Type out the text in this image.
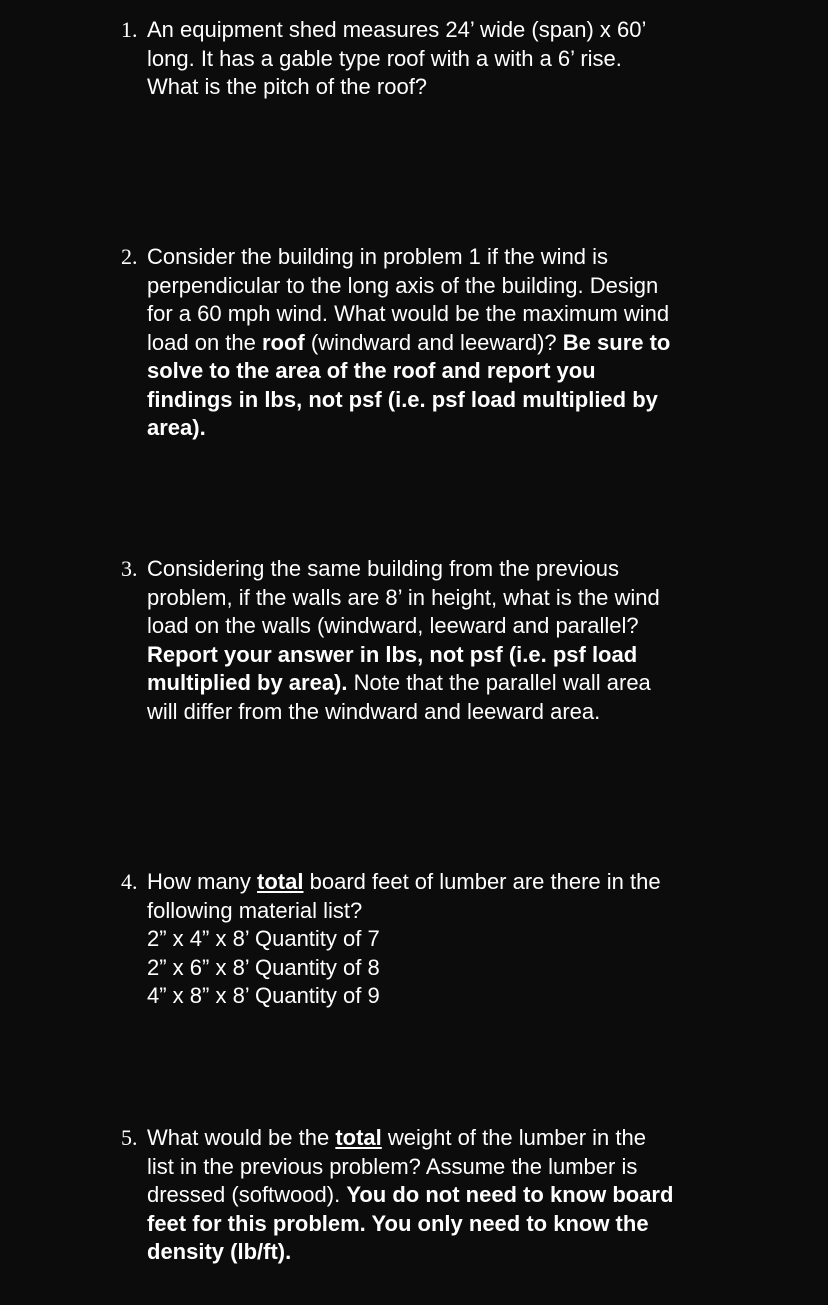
1. An equipment shed measures 24’ wide (span) x 60’
long. It has a gable type roof with a with a 6’ rise.
What is the pitch of the roof?
2. Consider the building in problem 1 if the wind is
perpendicular to the long axis of the building. Design
for a 60 mph wind. What would be the maximum wind
load on the roof (windward and leeward)? Be sure to
solve to the area of the roof and report you
findings in lbs, not psf (i.e. psf load multiplied by
area).
3. Considering the same building from the previous
problem, if the walls are 8’ in height, what is the wind
load on the walls (windward, leeward and parallel?
Report your answer in lbs, not psf (i.e. psf load
multiplied by area). Note that the parallel wall area
will differ from the windward and leeward area.
4. How many total board feet of lumber are there in the
following material list?
2” x 4” x 8’ Quantity of 7
2” x 6” x 8’ Quantity of 8
4” x 8” x 8’ Quantity of 9
5. What would be the total weight of the lumber in the
list in the previous problem? Assume the lumber is
dressed (softwood). You do not need to know board
feet for this problem. You only need to know the
density (lb/ft).
